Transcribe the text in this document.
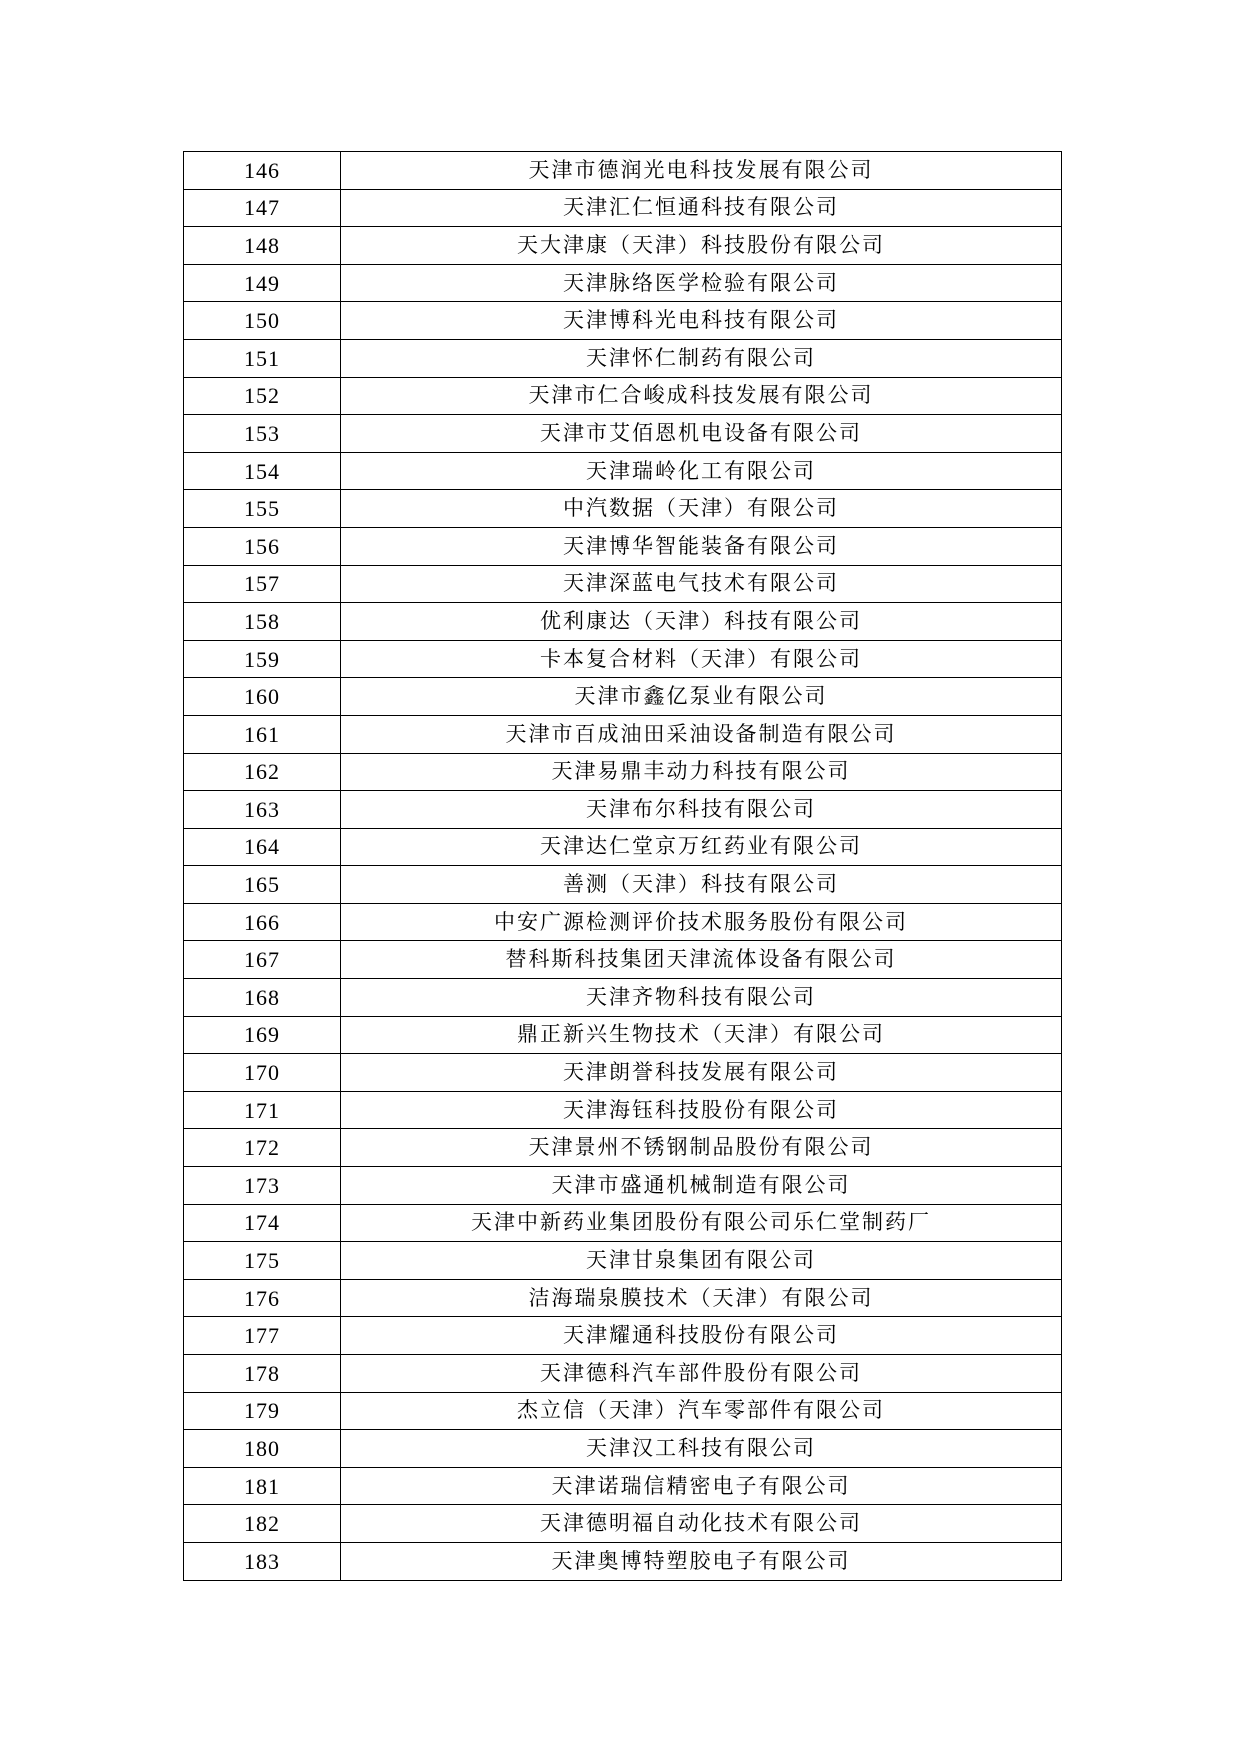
146	天津市德润光电科技发展有限公司
147	天津汇仁恒通科技有限公司
148	天大津康（天津）科技股份有限公司
149	天津脉络医学检验有限公司
150	天津博科光电科技有限公司
151	天津怀仁制药有限公司
152	天津市仁合峻成科技发展有限公司
153	天津市艾佰恩机电设备有限公司
154	天津瑞岭化工有限公司
155	中汽数据（天津）有限公司
156	天津博华智能装备有限公司
157	天津深蓝电气技术有限公司
158	优利康达（天津）科技有限公司
159	卡本复合材料（天津）有限公司
160	天津市鑫亿泵业有限公司
161	天津市百成油田采油设备制造有限公司
162	天津易鼎丰动力科技有限公司
163	天津布尔科技有限公司
164	天津达仁堂京万红药业有限公司
165	善测（天津）科技有限公司
166	中安广源检测评价技术服务股份有限公司
167	替科斯科技集团天津流体设备有限公司
168	天津齐物科技有限公司
169	鼎正新兴生物技术（天津）有限公司
170	天津朗誉科技发展有限公司
171	天津海钰科技股份有限公司
172	天津景州不锈钢制品股份有限公司
173	天津市盛通机械制造有限公司
174	天津中新药业集团股份有限公司乐仁堂制药厂
175	天津甘泉集团有限公司
176	洁海瑞泉膜技术（天津）有限公司
177	天津耀通科技股份有限公司
178	天津德科汽车部件股份有限公司
179	杰立信（天津）汽车零部件有限公司
180	天津汉工科技有限公司
181	天津诺瑞信精密电子有限公司
182	天津德明福自动化技术有限公司
183	天津奥博特塑胶电子有限公司
